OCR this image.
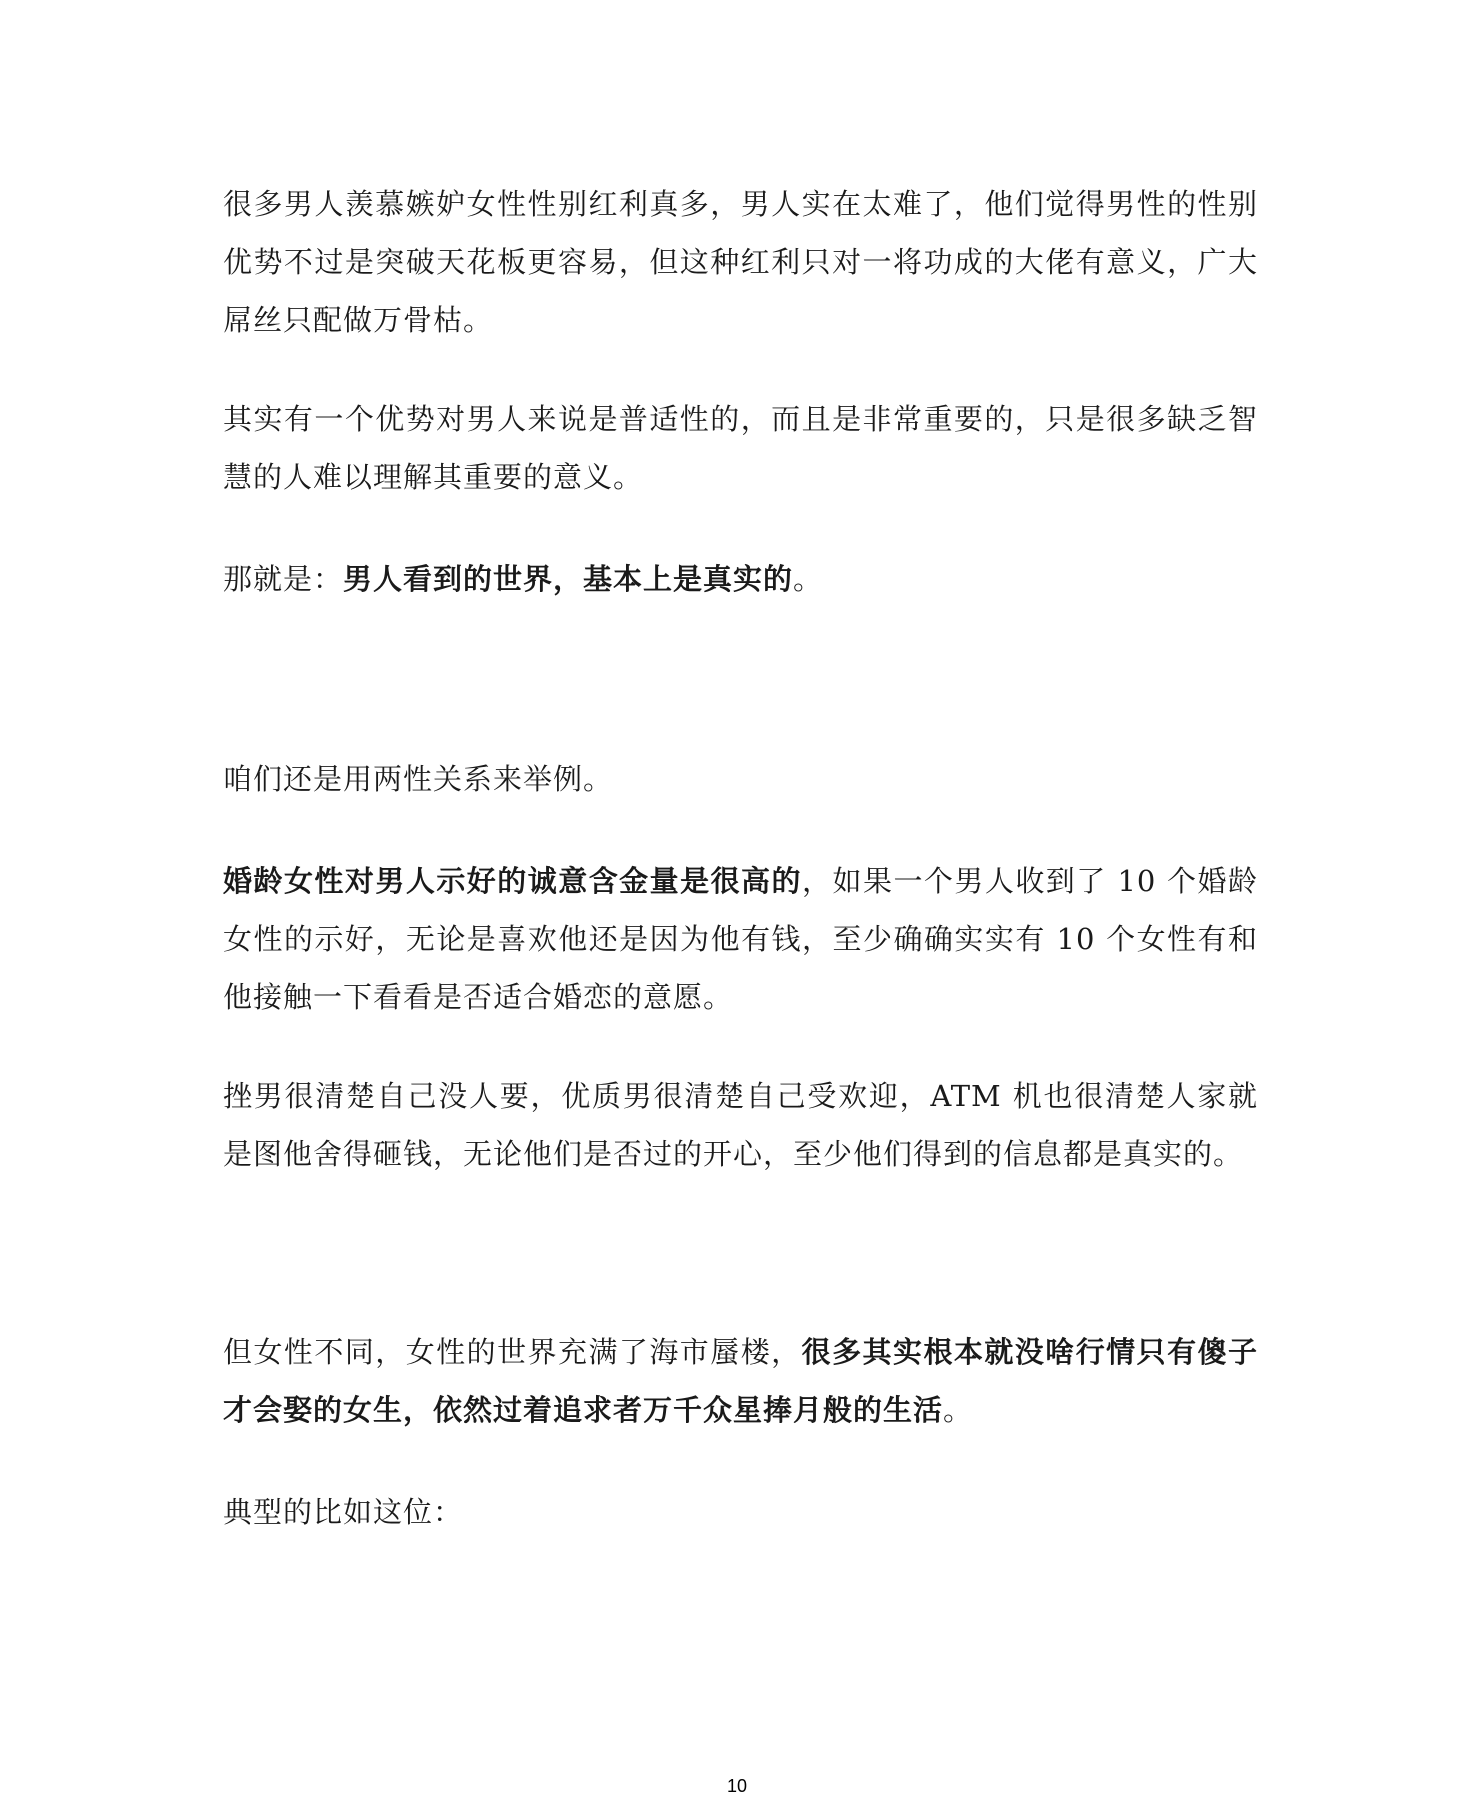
很多男人羡慕嫉妒女性性别红利真多，男人实在太难了，他们觉得男性的性别优势不过是突破天花板更容易，但这种红利只对一将功成的大佬有意义，广大屌丝只配做万骨枯。

其实有一个优势对男人来说是普适性的，而且是非常重要的，只是很多缺乏智慧的人难以理解其重要的意义。

那就是：男人看到的世界，基本上是真实的。

咱们还是用两性关系来举例。

婚龄女性对男人示好的诚意含金量是很高的，如果一个男人收到了 10 个婚龄女性的示好，无论是喜欢他还是因为他有钱，至少确确实实有 10 个女性有和他接触一下看看是否适合婚恋的意愿。

挫男很清楚自己没人要，优质男很清楚自己受欢迎，ATM 机也很清楚人家就是图他舍得砸钱，无论他们是否过的开心，至少他们得到的信息都是真实的。

但女性不同，女性的世界充满了海市蜃楼，很多其实根本就没啥行情只有傻子才会娶的女生，依然过着追求者万千众星捧月般的生活。

典型的比如这位：

10
